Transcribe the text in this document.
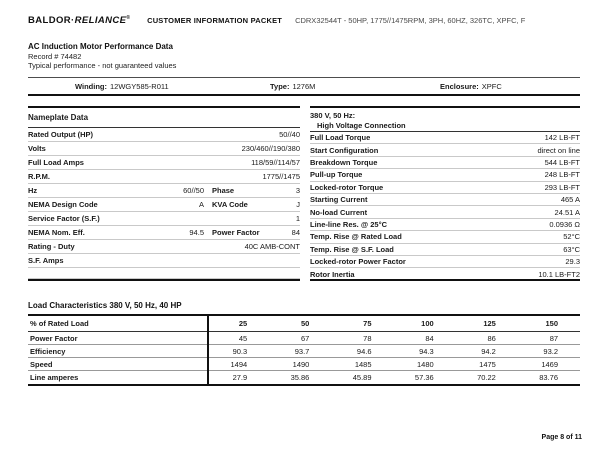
BALDOR·RELIANCE® CUSTOMER INFORMATION PACKET CDRX32544T - 50HP, 1775//1475RPM, 3PH, 60HZ, 326TC, XPFC, F
AC Induction Motor Performance Data
Record # 74482
Typical performance - not guaranteed values
Winding: 12WGY585-R011	Type: 1276M	Enclosure: XPFC
Nameplate Data
Rated Output (HP)	50//40
Volts	230/460//190/380
Full Load Amps	118/59//114/57
R.P.M.	1775//1475
Hz	60//50 Phase	3
NEMA Design Code	A KVA Code	J
Service Factor (S.F.)	1
NEMA Nom. Eff.	94.5 Power Factor	84
Rating - Duty	40C AMB-CONT
S.F. Amps
380 V, 50 Hz:
High Voltage Connection
Full Load Torque	142 LB-FT
Start Configuration	direct on line
Breakdown Torque	544 LB-FT
Pull-up Torque	248 LB-FT
Locked-rotor Torque	293 LB-FT
Starting Current	465 A
No-load Current	24.51 A
Line-line Res. @ 25°C	0.0936 Ω
Temp. Rise @ Rated Load	52°C
Temp. Rise @ S.F. Load	63°C
Locked-rotor Power Factor	29.3
Rotor Inertia	10.1 LB-FT2
Load Characteristics 380 V, 50 Hz, 40 HP
% of Rated Load	25	50	75	100	125	150
Power Factor	45	67	78	84	86	87
Efficiency	90.3	93.7	94.6	94.3	94.2	93.2
Speed	1494	1490	1485	1480	1475	1469
Line amperes	27.9	35.86	45.89	57.36	70.22	83.76
Page 8 of 11
